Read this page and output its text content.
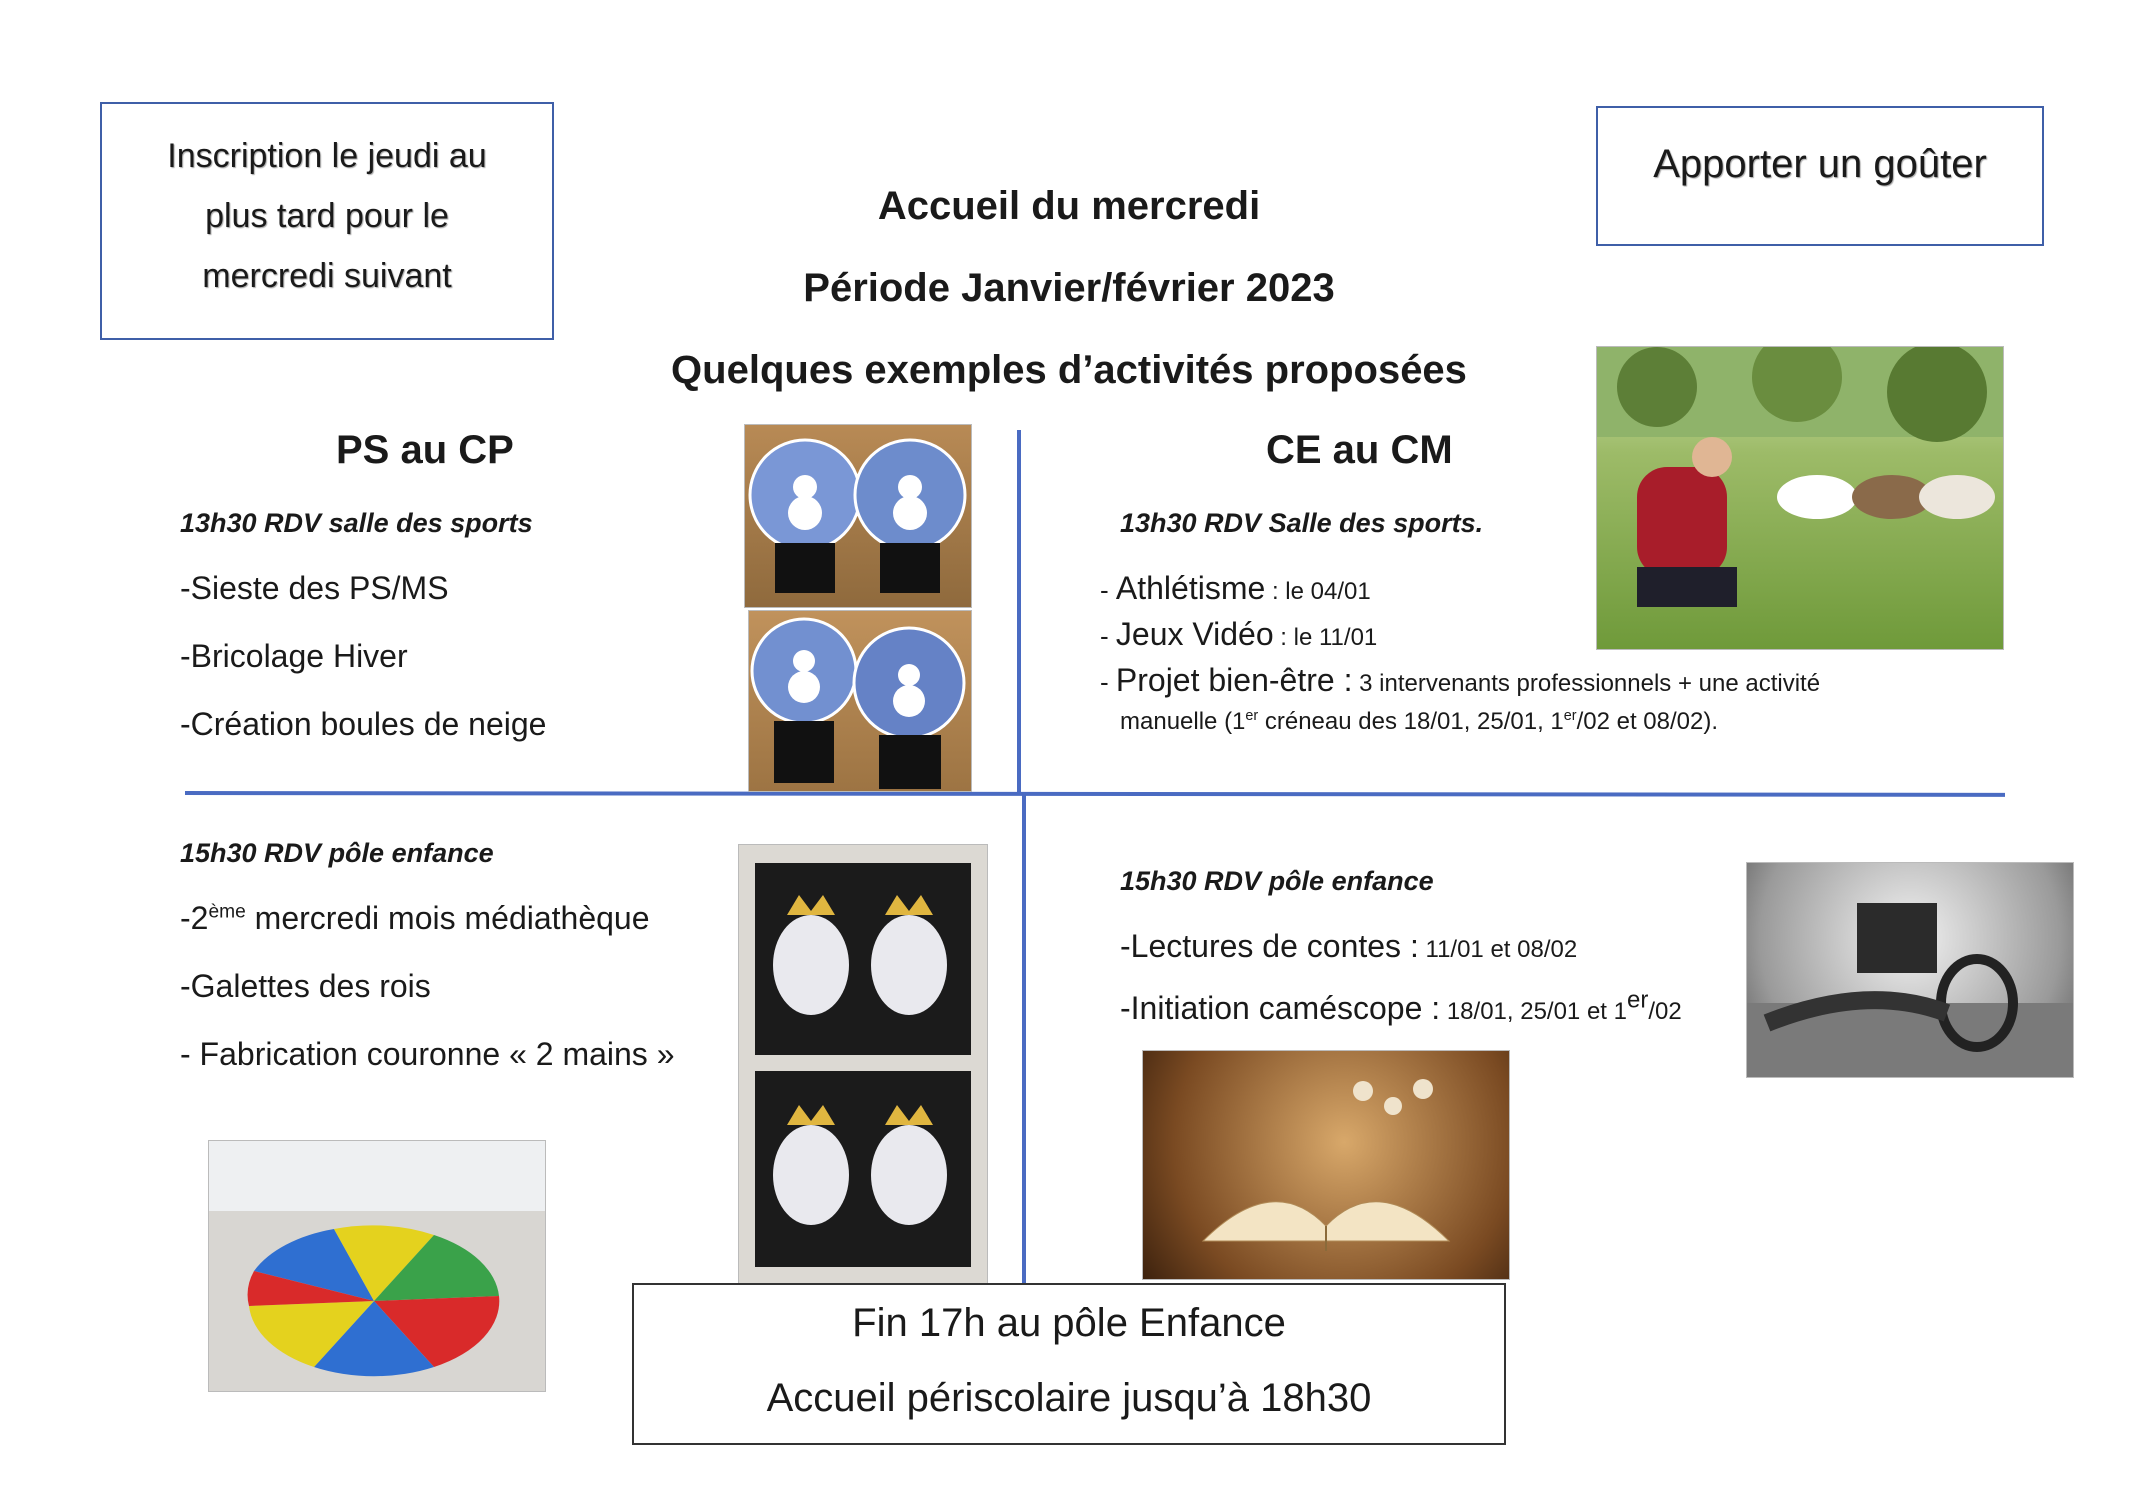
Inscription le jeudi au
plus tard pour le
mercredi suivant
Apporter un goûter
Accueil du mercredi
Période Janvier/février 2023
Quelques exemples d’activités proposées
PS au CP
13h30 RDV salle des sports
-Sieste des PS/MS
-Bricolage Hiver
-Création boules de neige
15h30 RDV pôle enfance
-2ème mercredi mois médiathèque
-Galettes des rois
- Fabrication couronne « 2 mains »
CE au CM
13h30 RDV Salle des sports.
- Athlétisme : le 04/01
- Jeux Vidéo : le 11/01
- Projet bien-être : 3 intervenants professionnels + une activité
manuelle (1er créneau des 18/01, 25/01, 1er/02 et 08/02).
15h30 RDV pôle enfance
-Lectures de contes : 11/01 et 08/02
-Initiation caméscope : 18/01, 25/01 et 1er/02
Fin 17h au pôle Enfance
Accueil périscolaire jusqu’à 18h30
